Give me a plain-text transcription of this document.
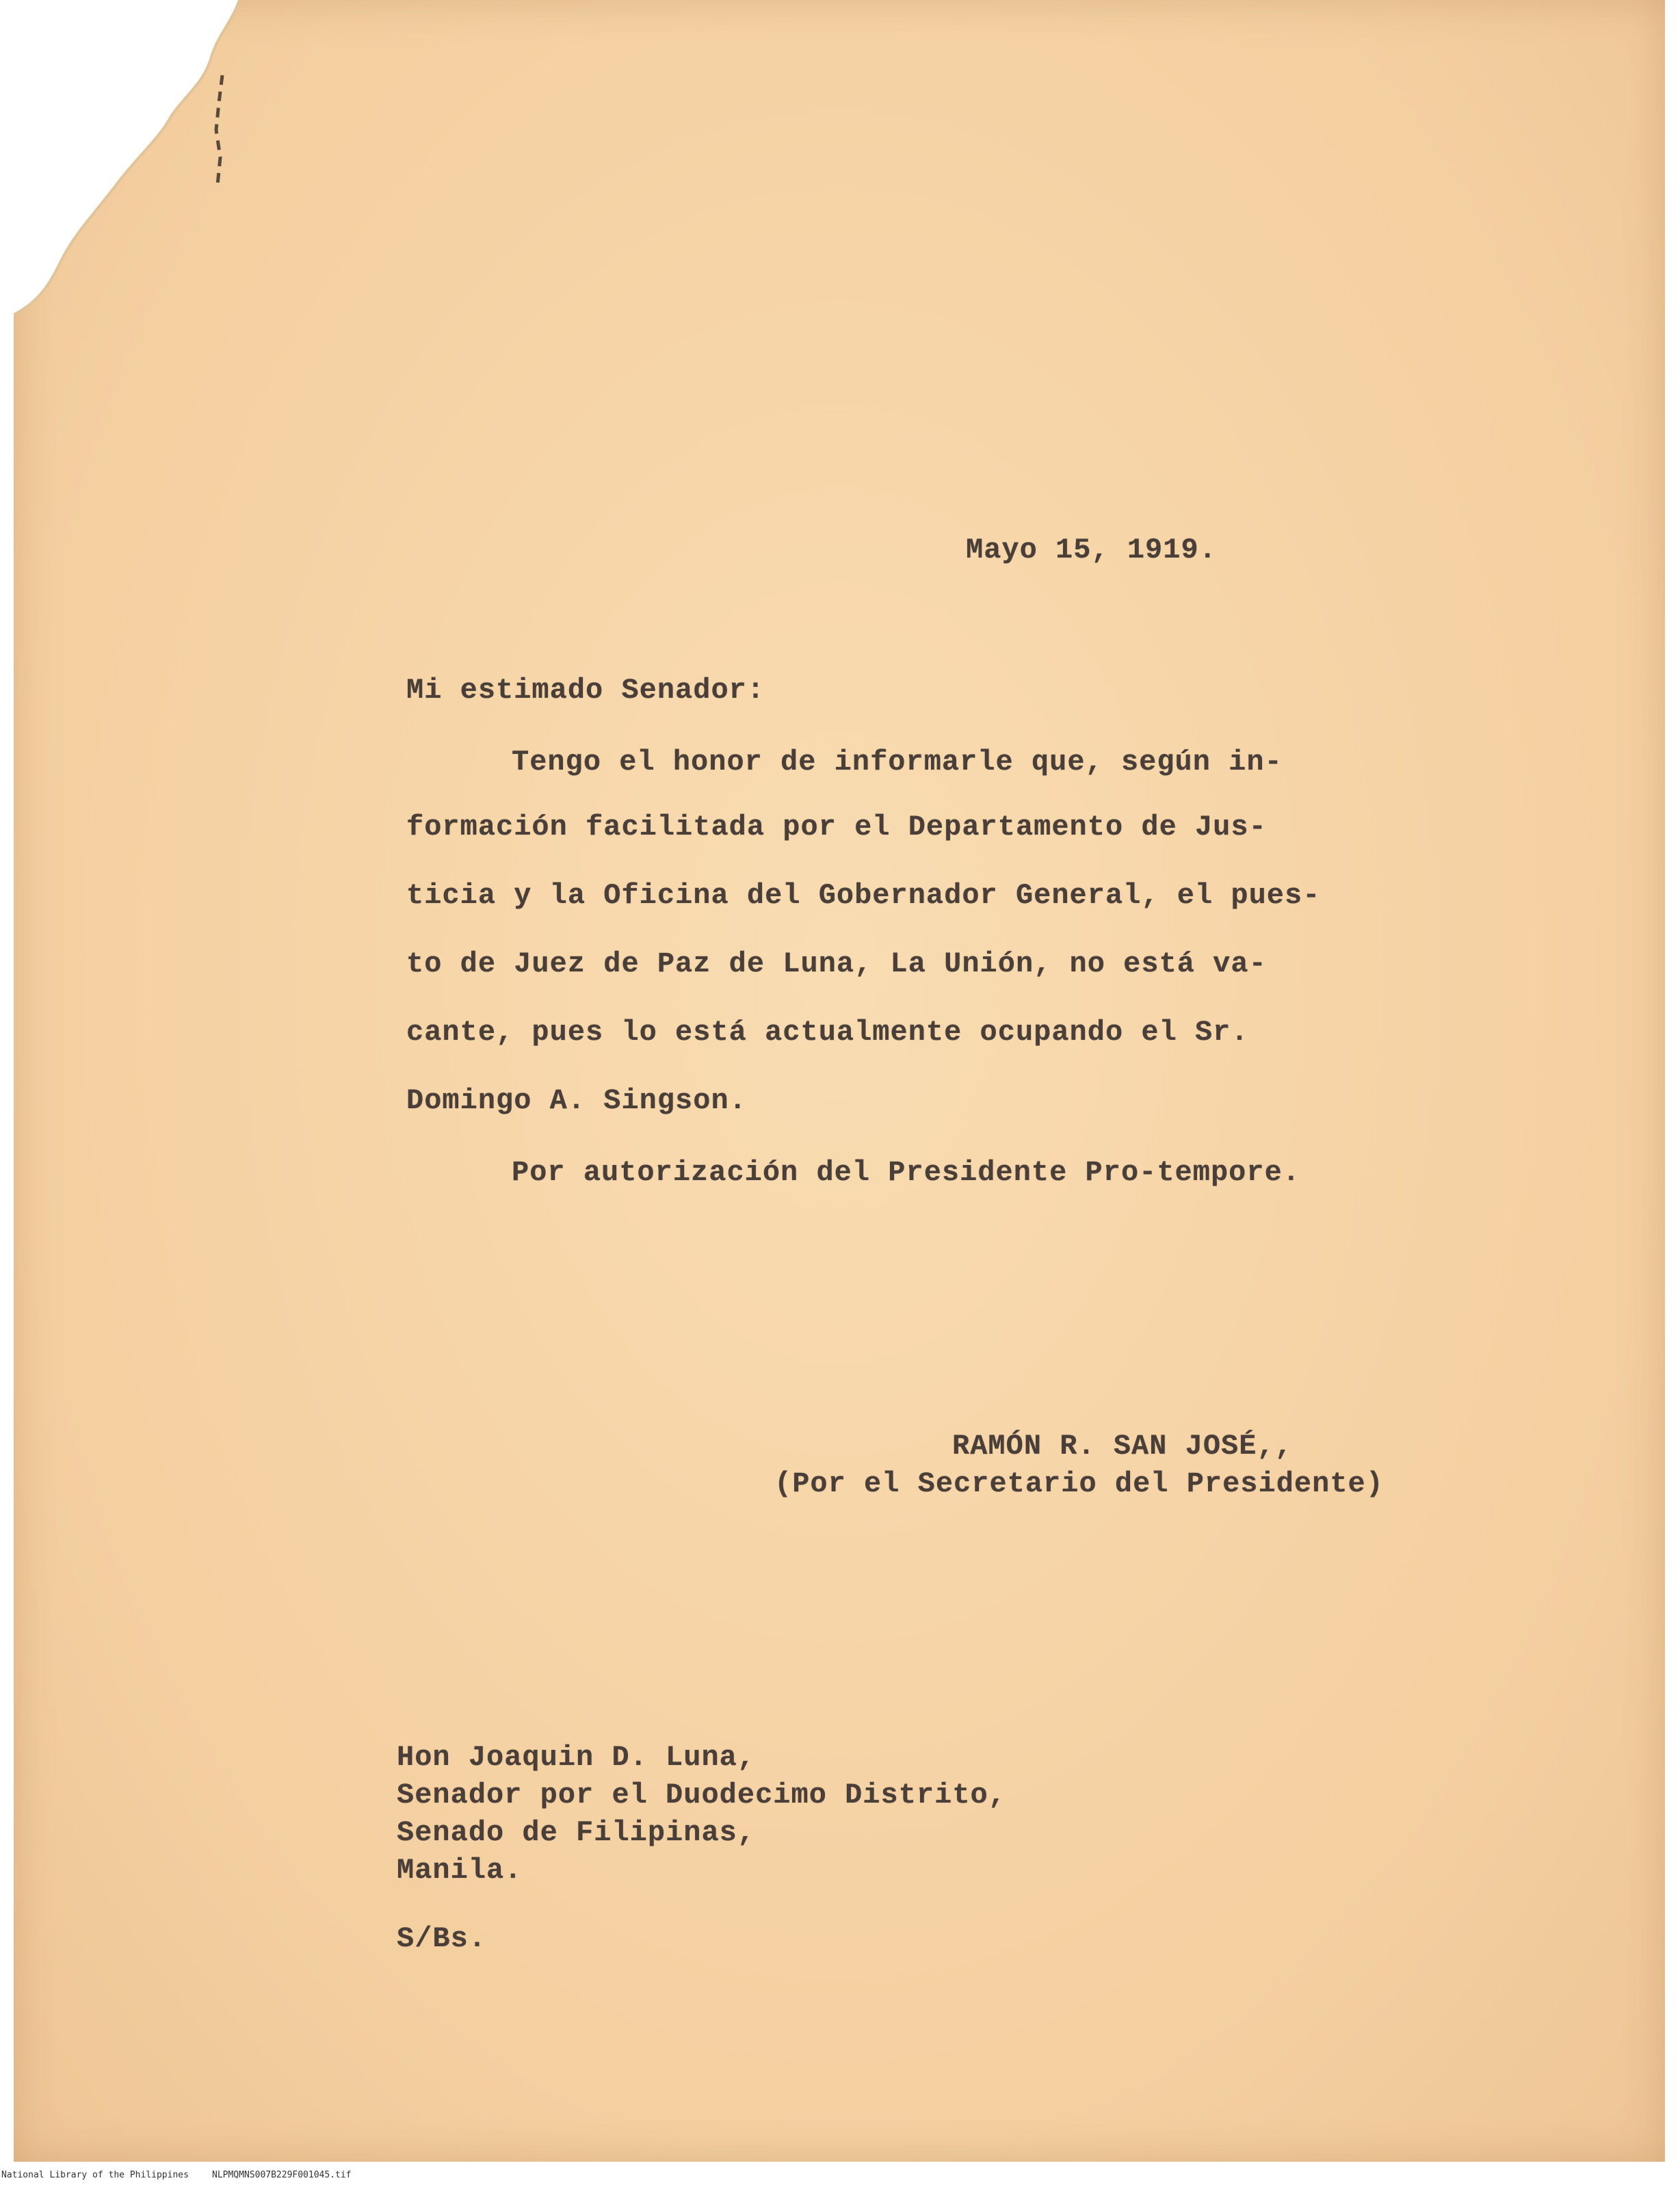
Mayo 15, 1919.
Mi estimado Senador:
Tengo el honor de informarle que, según in-
formación facilitada por el Departamento de Jus-
ticia y la Oficina del Gobernador General, el pues-
to de Juez de Paz de Luna, La Unión, no está va-
cante, pues lo está actualmente ocupando el Sr.
Domingo A. Singson.
Por autorización del Presidente Pro-tempore.
RAMÓN R. SAN JOSÉ,,
(Por el Secretario del Presidente)
Hon Joaquin D. Luna,
Senador por el Duodecimo Distrito,
Senado de Filipinas,
Manila.
S/Bs.
National Library of the Philippines	NLPMQMNS007B229F001045.tif
